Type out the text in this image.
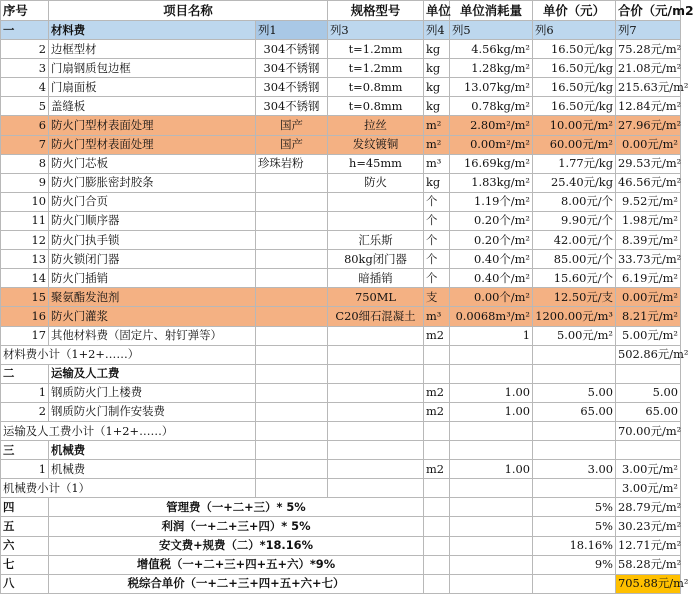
序号	项目名称		规格型号	单位	单位消耗量	单价（元）	合价（元/m2
一	材料费	列1	列3	列4	列5	列6	列7
2	边框型材	304不锈钢	t=1.2mm	kg	4.56kg/m²	16.50元/kg	75.28元/m²
3	门扇钢质包边框	304不锈钢	t=1.2mm	kg	1.28kg/m²	16.50元/kg	21.08元/m²
4	门扇面板	304不锈钢	t=0.8mm	kg	13.07kg/m²	16.50元/kg	215.63元/m²
5	盖缝板	304不锈钢	t=0.8mm	kg	0.78kg/m²	16.50元/kg	12.84元/m²
6	防火门型材表面处理	国产	拉丝	m²	2.80m²/m²	10.00元/m²	27.96元/m²
7	防火门型材表面处理	国产	发纹镀铜	m²	0.00m²/m²	60.00元/m²	0.00元/m²
8	防火门芯板	珍珠岩粉	h=45mm	m³	16.69kg/m²	1.77元/kg	29.53元/m²
9	防火门膨胀密封胶条		防火	kg	1.83kg/m²	25.40元/kg	46.56元/m²
10	防火门合页			个	1.19个/m²	8.00元/个	9.52元/m²
11	防火门顺序器			个	0.20个/m²	9.90元/个	1.98元/m²
12	防火门执手锁		汇乐斯	个	0.20个/m²	42.00元/个	8.39元/m²
13	防火锁闭门器		80kg闭门器	个	0.40个/m²	85.00元/个	33.73元/m²
14	防火门插销		暗插销	个	0.40个/m²	15.60元/个	6.19元/m²
15	聚氨酯发泡剂		750ML	支	0.00个/m²	12.50元/支	0.00元/m²
16	防火门灌浆		C20细石混凝土	m³	0.0068m³/m²	1200.00元/m³	8.21元/m²
17	其他材料费（固定片、射钉弹等）			m2	1	5.00元/m²	5.00元/m²
材料费小计（1+2+……）							502.86元/m²
二	运输及人工费						
1	钢质防火门上楼费			m2	1.00	5.00	5.00
2	钢质防火门制作安装费			m2	1.00	65.00	65.00
运输及人工费小计（1+2+……）							70.00元/m²
三	机械费						
1	机械费			m2	1.00	3.00	3.00元/m²
机械费小计（1）							3.00元/m²
四	管理费（一+二+三）* 5%					5%	28.79元/m²
五	利润（一+二+三+四）* 5%					5%	30.23元/m²
六	安文费+规费（二）*18.16%					18.16%	12.71元/m²
七	增值税（一+二+三+四+五+六）*9%					9%	58.28元/m²
八	税综合单价（一+二+三+四+五+六+七）						705.88元/m²
